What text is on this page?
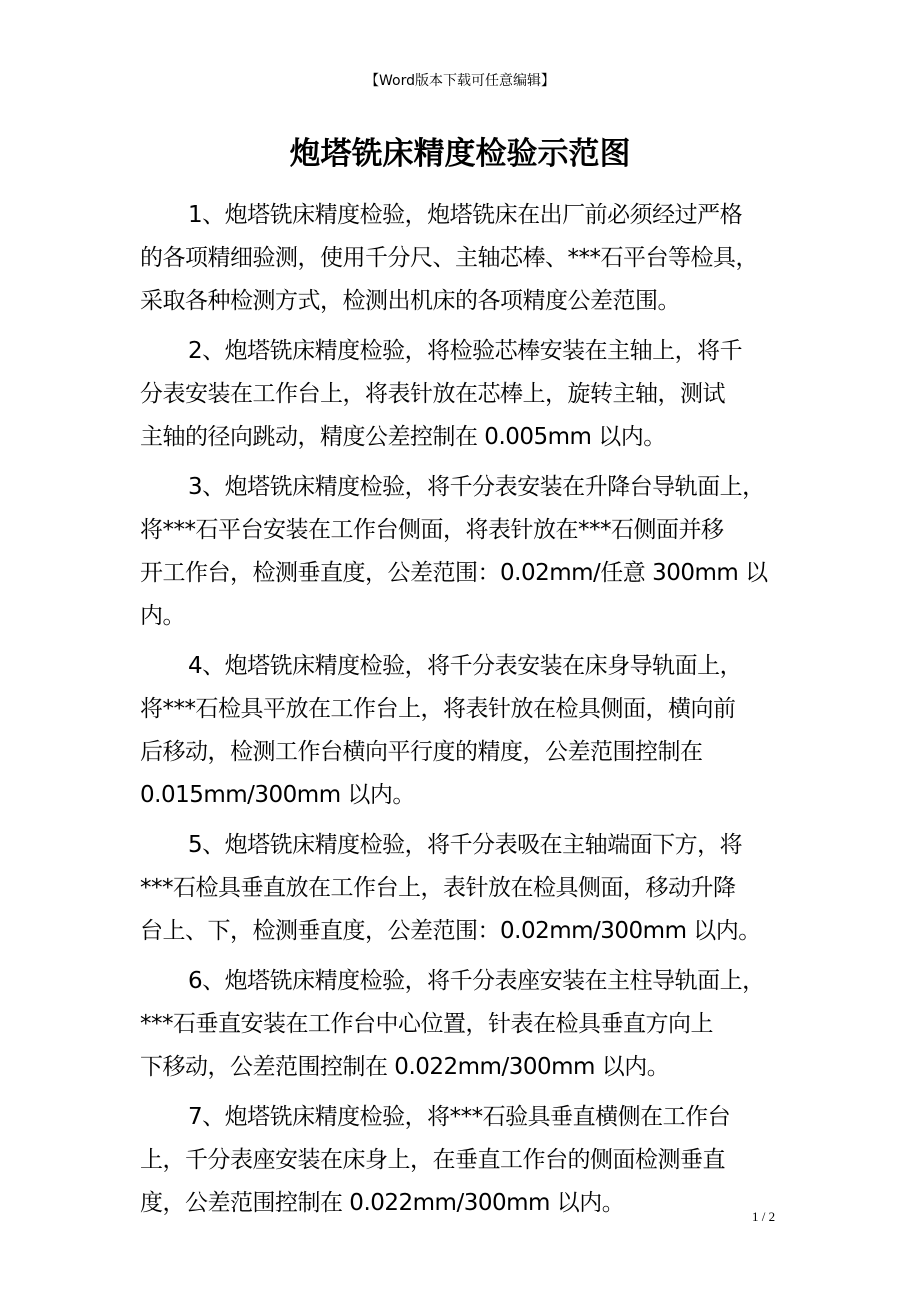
【Word版本下载可任意编辑】
炮塔铣床精度检验示范图
1、炮塔铣床精度检验，炮塔铣床在出厂前必须经过严格
的各项精细验测，使用千分尺、主轴芯棒、***石平台等检具，
采取各种检测方式，检测出机床的各项精度公差范围。
2、炮塔铣床精度检验，将检验芯棒安装在主轴上，将千
分表安装在工作台上，将表针放在芯棒上，旋转主轴，测试
主轴的径向跳动，精度公差控制在 0.005mm 以内。
3、炮塔铣床精度检验，将千分表安装在升降台导轨面上，
将***石平台安装在工作台侧面，将表针放在***石侧面并移
开工作台，检测垂直度，公差范围：0.02mm/任意 300mm 以
内。
4、炮塔铣床精度检验，将千分表安装在床身导轨面上，
将***石检具平放在工作台上，将表针放在检具侧面，横向前
后移动，检测工作台横向平行度的精度，公差范围控制在
0.015mm/300mm 以内。
5、炮塔铣床精度检验，将千分表吸在主轴端面下方，将
***石检具垂直放在工作台上，表针放在检具侧面，移动升降
台上、下，检测垂直度，公差范围：0.02mm/300mm 以内。
6、炮塔铣床精度检验，将千分表座安装在主柱导轨面上，
***石垂直安装在工作台中心位置，针表在检具垂直方向上
下移动，公差范围控制在 0.022mm/300mm 以内。
7、炮塔铣床精度检验，将***石验具垂直横侧在工作台
上，千分表座安装在床身上，在垂直工作台的侧面检测垂直
度，公差范围控制在 0.022mm/300mm 以内。
1 / 2
